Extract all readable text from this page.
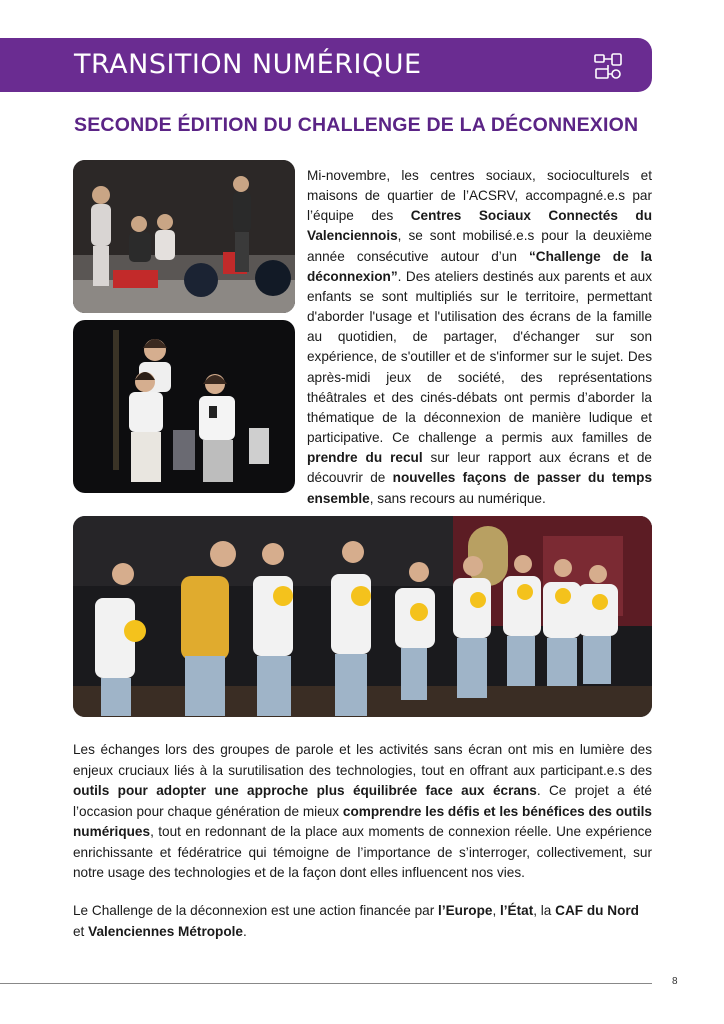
TRANSITION NUMÉRIQUE
SECONDE ÉDITION DU CHALLENGE DE LA DÉCONNEXION
Mi-novembre, les centres sociaux, socioculturels et maisons de quartier de l’ACSRV, accompagné.e.s par l’équipe des Centres Sociaux Connectés du Valenciennois, se sont mobilisé.e.s pour la deuxième année consécutive autour d’un “Challenge de la déconnexion”. Des ateliers destinés aux parents et aux enfants se sont multipliés sur le territoire, permettant d'aborder l'usage et l'utilisation des écrans de la famille au quotidien, de partager, d'échanger sur son expérience, de s'outiller et de s'informer sur le sujet. Des après-midi jeux de société, des représentations théâtrales et des cinés-débats ont permis d’aborder la thématique de la déconnexion de manière ludique et participative. Ce challenge a permis aux familles de prendre du recul sur leur rapport aux écrans et de découvrir de nouvelles façons de passer du temps ensemble, sans recours au numérique.
Les échanges lors des groupes de parole et les activités sans écran ont mis en lumière des enjeux cruciaux liés à la surutilisation des technologies, tout en offrant aux participant.e.s des outils pour adopter une approche plus équilibrée face aux écrans. Ce projet a été l’occasion pour chaque génération de mieux comprendre les défis et les bénéfices des outils numériques, tout en redonnant de la place aux moments de connexion réelle. Une expérience enrichissante et fédératrice qui témoigne de l’importance de s’interroger, collectivement, sur notre usage des technologies et de la façon dont elles influencent nos vies.
Le Challenge de la déconnexion est une action financée par l’Europe, l’État, la CAF du Nord et Valenciennes Métropole.
8
